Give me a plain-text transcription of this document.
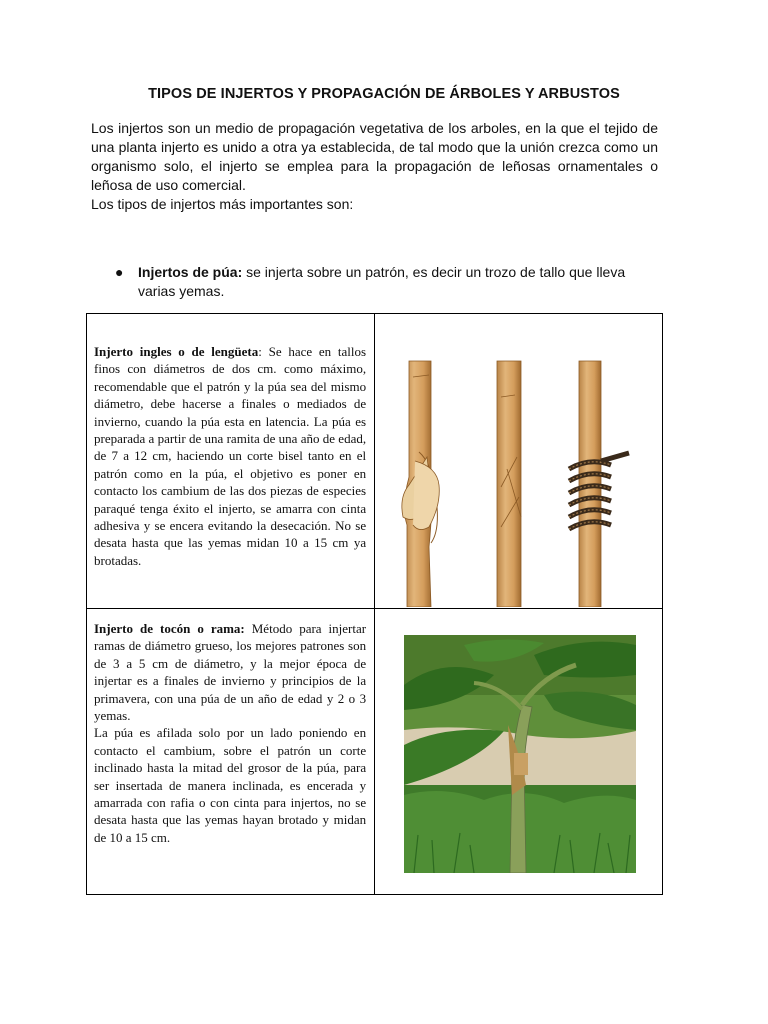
TIPOS DE INJERTOS Y PROPAGACIÓN DE ÁRBOLES Y ARBUSTOS

Los injertos son un medio de propagación vegetativa de los arboles, en la que el tejido de una planta injerto es unido a otra ya establecida, de tal modo que la unión crezca como un organismo solo, el injerto se emplea para la propagación de leñosas ornamentales o leñosa de uso comercial.

Los tipos de injertos más importantes son:

● Injertos de púa: se injerta sobre un patrón, es decir un trozo de tallo que lleva varias yemas.
Injerto ingles o de lengüeta: Se hace en tallos finos con diámetros de dos cm. como máximo, recomendable que el patrón y la púa sea del mismo diámetro, debe hacerse a finales o mediados de invierno, cuando la púa esta en latencia. La púa es preparada a partir de una ramita de una año de edad, de 7 a 12 cm, haciendo un corte bisel tanto en el patrón como en la púa, el objetivo es poner en contacto los cambium de las dos piezas de especies paraqué tenga éxito el injerto, se amarra con cinta adhesiva y se encera evitando la desecación. No se desata hasta que las yemas midan 10 a 15 cm ya brotadas.

Injerto de tocón o rama: Método para injertar ramas de diámetro grueso, los mejores patrones son de 3 a 5 cm de diámetro, y la mejor época de injertar es a finales de invierno y principios de la primavera, con una púa de un año de edad y 2 o 3 yemas.
La púa es afilada solo por un lado poniendo en contacto el cambium, sobre el patrón un corte inclinado hasta la mitad del grosor de la púa, para ser insertada de manera inclinada, es encerada y amarrada con rafia o con cinta para injertos, no se desata hasta que las yemas hayan brotado y midan de 10 a 15 cm.
